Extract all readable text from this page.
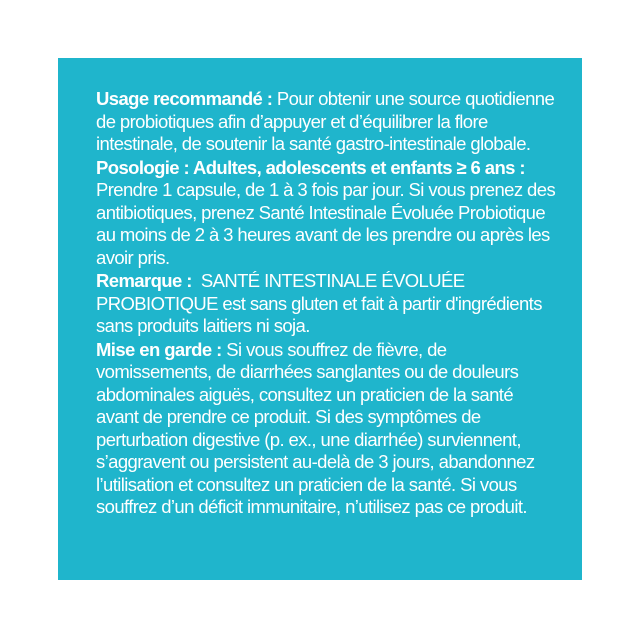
Usage recommandé : Pour obtenir une source quotidienne de probiotiques afin d’appuyer et d’équilibrer la flore intestinale, de soutenir la santé gastro-intestinale globale.

Posologie : Adultes, adolescents et enfants ≥ 6 ans : Prendre 1 capsule, de 1 à 3 fois par jour. Si vous prenez des antibiotiques, prenez Santé Intestinale Évoluée Probiotique au moins de 2 à 3 heures avant de les prendre ou après les avoir pris.

Remarque :  SANTÉ INTESTINALE ÉVOLUÉE PROBIOTIQUE est sans gluten et fait à partir d'ingrédients sans produits laitiers ni soja.

Mise en garde : Si vous souffrez de fièvre, de vomissements, de diarrhées sanglantes ou de douleurs abdominales aiguës, consultez un praticien de la santé avant de prendre ce produit. Si des symptômes de perturbation digestive (p. ex., une diarrhée) surviennent, s’aggravent ou persistent au-delà de 3 jours, abandonnez l’utilisation et consultez un praticien de la santé. Si vous souffrez d’un déficit immunitaire, n’utilisez pas ce produit.
